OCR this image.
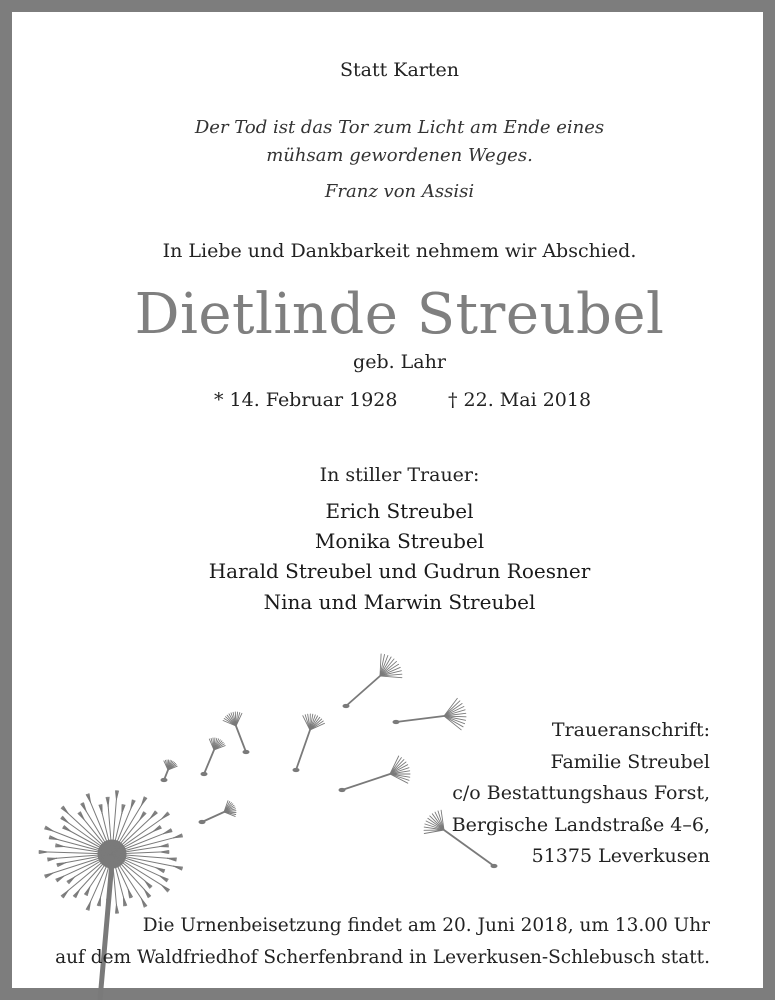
Statt Karten
Der Tod ist das Tor zum Licht am Ende eines
mühsam gewordenen Weges.
Franz von Assisi
In Liebe und Dankbarkeit nehmem wir Abschied.
Dietlinde Streubel
geb. Lahr
* 14. Februar 1928	† 22. Mai 2018
In stiller Trauer:
Erich Streubel
Monika Streubel
Harald Streubel und Gudrun Roesner
Nina und Marwin Streubel
Traueranschrift:
Familie Streubel
c/o Bestattungshaus Forst,
Bergische Landstraße 4–6,
51375 Leverkusen
Die Urnenbeisetzung findet am 20. Juni 2018, um 13.00 Uhr
auf dem Waldfriedhof Scherfenbrand in Leverkusen-Schlebusch statt.
